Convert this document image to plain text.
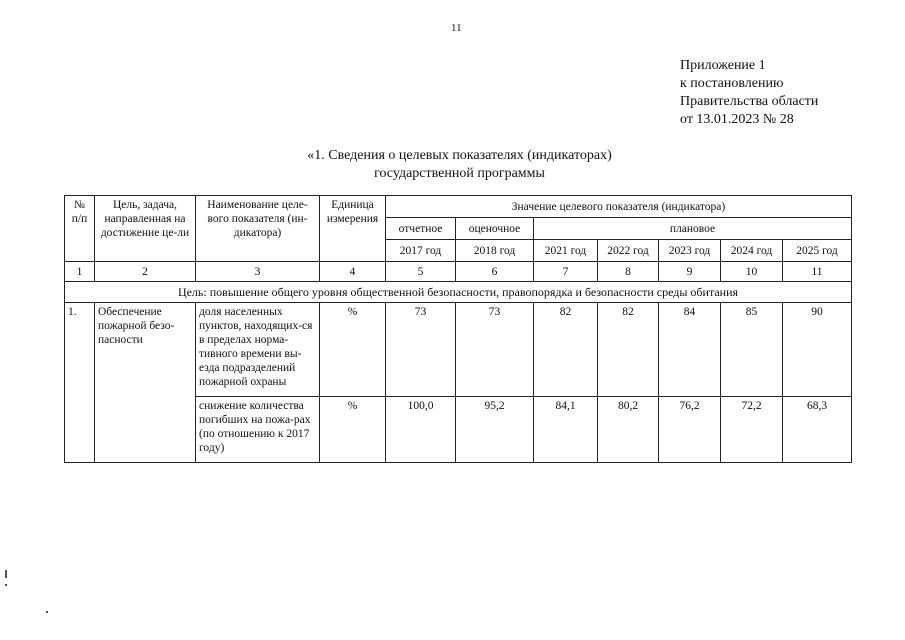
11
Приложение 1
к постановлению
Правительства области
от 13.01.2023 № 28
«1. Сведения о целевых показателях (индикаторах)
государственной программы
№ п/п	Цель, задача, направленная на достижение це-ли	Наименование целе-вого показателя (ин-дикатора)	Единица измерения	Значение целевого показателя (индикатора)						
				отчетное	оценочное	плановое				
				2017 год	2018 год	2021 год	2022 год	2023 год	2024 год	2025 год
1	2	3	4	5	6	7	8	9	10	11
Цель: повышение общего уровня общественной безопасности, правопорядка и безопасности среды обитания										
1.	Обеспечение пожарной безо-пасности	доля населенных пунктов, находящих-ся в пределах норма-тивного времени вы-езда подразделений пожарной охраны	%	73	73	82	82	84	85	90
		снижение количества погибших на пожа-рах (по отношению к 2017 году)	%	100,0	95,2	84,1	80,2	76,2	72,2	68,3
